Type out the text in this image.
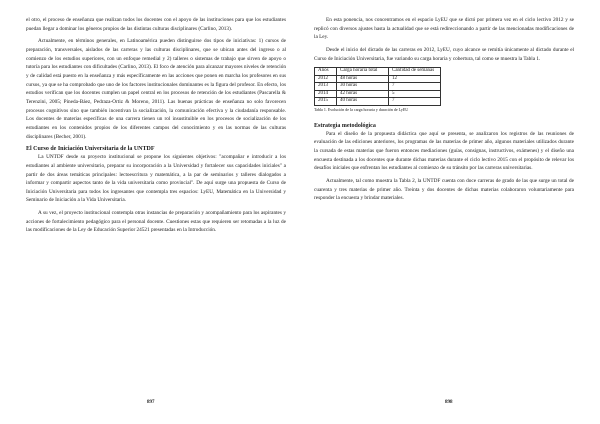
el otro, el proceso de enseñanza que realizan todos los docentes con el apoyo de las instituciones para que los estudiantes puedan llegar a dominar los géneros propios de las distintas culturas disciplinares (Carlino, 2013).

Actualmente, en términos generales, en Latinoamérica pueden distinguirse dos tipos de iniciativas: 1) cursos de preparación, transversales, aislados de las carreras y las culturas disciplinares, que se ubican antes del ingreso o al comienzo de los estudios superiores, con un enfoque remedial y 2) talleres o sistemas de trabajo que sirven de apoyo o tutoría para los estudiantes con dificultades (Carlino, 2013). El foco de atención para alcanzar mayores niveles de retención y de calidad está puesto en la enseñanza y más específicamente en las acciones que ponen en marcha los profesores en sus cursos, ya que se ha comprobado que uno de los factores institucionales dominantes es la figura del profesor. En efecto, los estudios verifican que los docentes cumplen un papel central en los procesos de retención de los estudiantes (Pascarella & Terenzini, 2005; Pineda-Báez, Pedraza-Ortiz & Moreno, 2011). Las buenas prácticas de enseñanza no solo favorecen procesos cognitivos sino que también incentivan la socialización, la comunicación efectiva y la ciudadanía responsable. Los docentes de materias específicas de una carrera tienen un rol insustituible en los procesos de socialización de los estudiantes en los contenidos propios de los diferentes campos del conocimiento y en las normas de las culturas disciplinares (Becher, 2001).

El Curso de Iniciación Universitaria de la UNTDF

La UNTDF desde su proyecto institucional se propone los siguientes objetivos: "acompañar e introducir a los estudiantes al ambiente universitario, preparar su incorporación a la Universidad y fortalecer sus capacidades iniciales" a partir de dos áreas temáticas principales: lectoescritura y matemática, a la par de seminarios y talleres dialogados a informar y compartir aspectos tanto de la vida universitaria como provincial". De aquí surge una propuesta de Curso de Iniciación Universitaria para todos los ingresantes que contempla tres espacios: LyEU, Matemática en la Universidad y Seminario de Iniciación a la Vida Universitaria.

A su vez, el proyecto institucional contempla otras instancias de preparación y acompañamiento para los aspirantes y acciones de fortalecimiento pedagógico para el personal docente. Cuestiones estas que requieren ser retomadas a la luz de las modificaciones de la Ley de Educación Superior 24521 presentadas en la Introducción.

En esta ponencia, nos concentramos en el espacio LyEU que se dictó por primera vez en el ciclo lectivo 2012 y se replicó con diversos ajustes hasta la actualidad que se está redireccionando a partir de las mencionadas modificaciones de la Ley.

Desde el inicio del dictado de las carreras en 2012, LyEU, cuyo alcance se remitía únicamente al dictado durante el Curso de Iniciación Universitaria, fue variando su carga horaria y cobertura, tal como se muestra la Tabla 1.

Años	Carga horaria total	Cantidad de semanas
2012	48 horas	12
2013	30 horas	7
2014	42 horas	5
2015	40 horas	7
Tabla 1. Evolución de la carga horaria y duración de LyEU

Estrategia metodológica

Para el diseño de la propuesta didáctica que aquí se presenta, se analizaron los registros de las reuniones de evaluación de las ediciones anteriores, los programas de las materias de primer año, algunos materiales utilizados durante la cursada de estas materias que fueron entonces mediaciones (guías, consignas, instructivos, exámenes) y el diseño una encuesta destinada a los docentes que durante dichas materias durante el ciclo lectivo 2015 con el propósito de relevar los desafíos iniciales que enfrentan los estudiantes al comienzo de su tránsito por las carreras universitarias.

Actualmente, tal como muestra la Tabla 2, la UNTDF cuenta con doce carreras de grado de las que surge un total de cuarenta y tres materias de primer año. Treinta y dos docentes de dichas materias colaboraron voluntariamente para responder la encuesta y brindar materiales.

897	898
